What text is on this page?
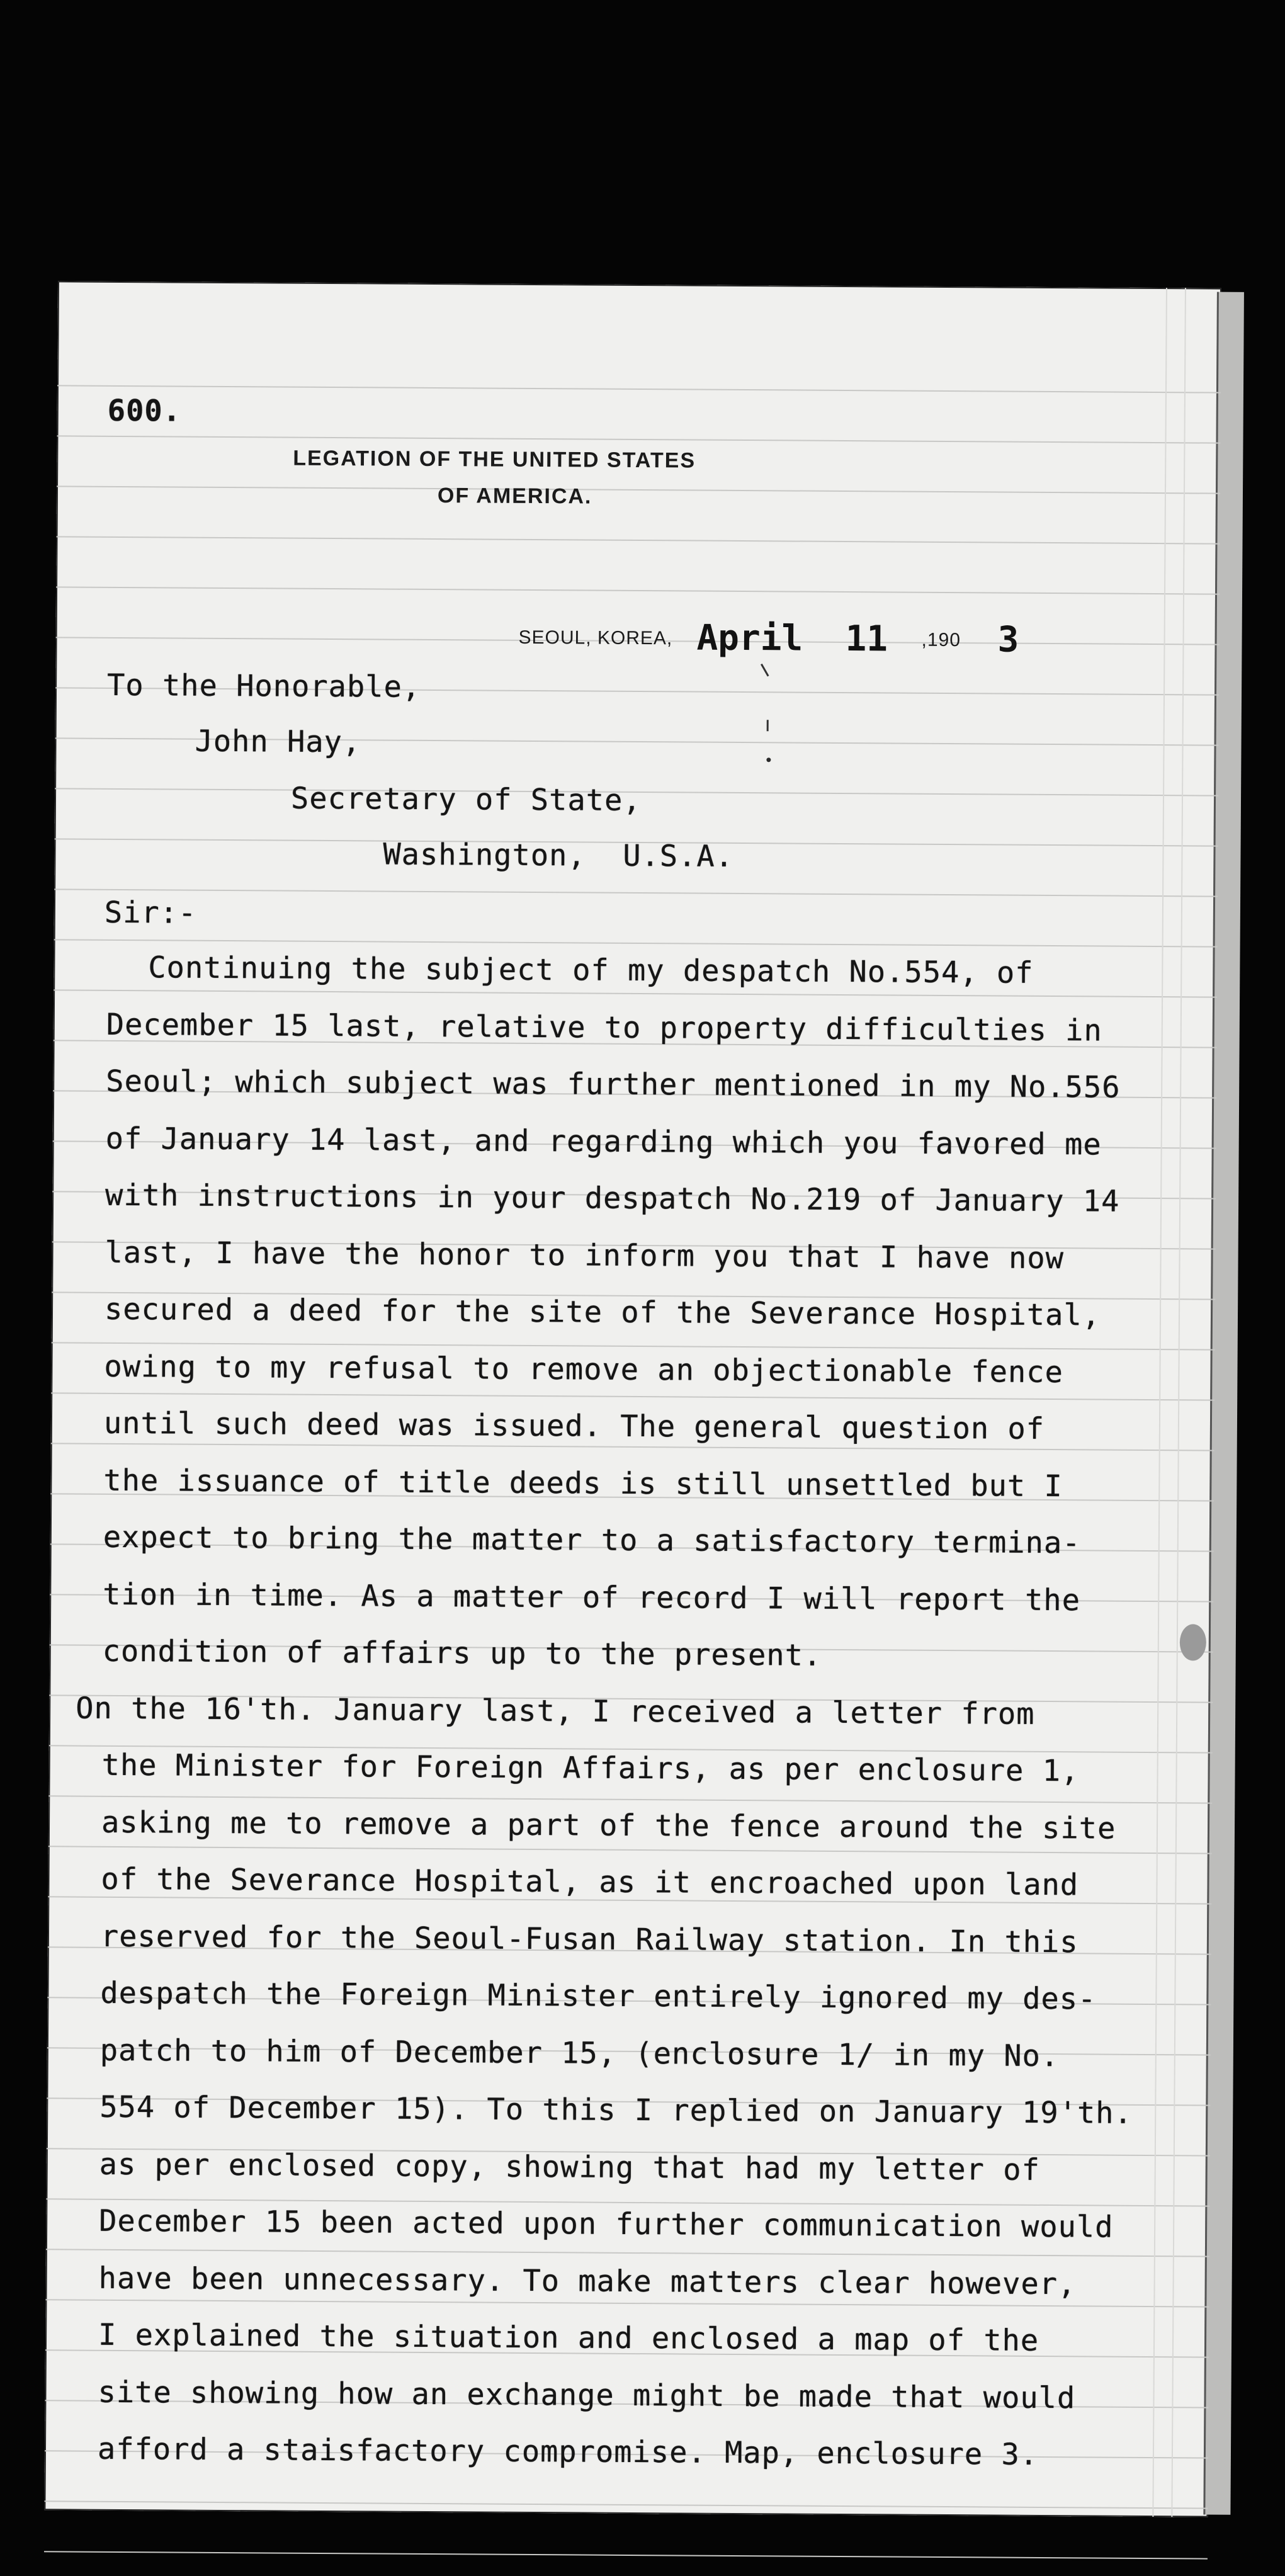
600.
LEGATION OF THE UNITED STATES
OF AMERICA.
SEOUL, KOREA, April  11 ,190 3
To the Honorable,
John Hay,
Secretary of State,
Washington,  U.S.A.
Sir:-
Continuing the subject of my despatch No.554, of
December 15 last, relative to property difficulties in
Seoul; which subject was further mentioned in my No.556
of January 14 last, and regarding which you favored me
with instructions in your despatch No.219 of January 14
last, I have the honor to inform you that I have now
secured a deed for the site of the Severance Hospital,
owing to my refusal to remove an objectionable fence
until such deed was issued. The general question of
the issuance of title deeds is still unsettled but I
expect to bring the matter to a satisfactory termina-
tion in time. As a matter of record I will report the
condition of affairs up to the present.
On the 16'th. January last, I received a letter from
the Minister for Foreign Affairs, as per enclosure 1,
asking me to remove a part of the fence around the site
of the Severance Hospital, as it encroached upon land
reserved for the Seoul-Fusan Railway station. In this
despatch the Foreign Minister entirely ignored my des-
patch to him of December 15, (enclosure 1/ in my No.
554 of December 15). To this I replied on January 19'th.
as per enclosed copy, showing that had my letter of
December 15 been acted upon further communication would
have been unnecessary. To make matters clear however,
I explained the situation and enclosed a map of the
site showing how an exchange might be made that would
afford a staisfactory compromise. Map, enclosure 3.
